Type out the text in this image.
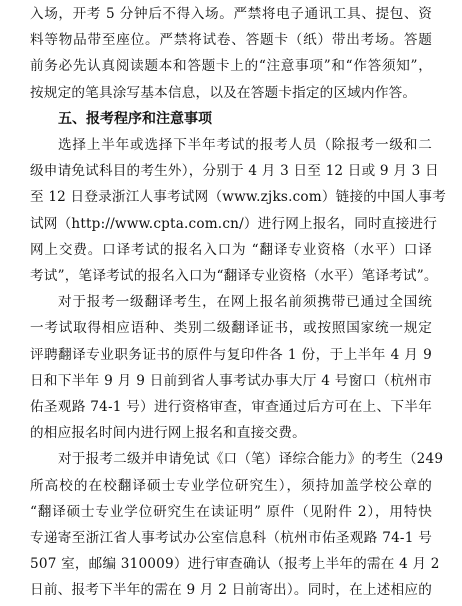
入场，开考 5 分钟后不得入场。严禁将电子通讯工具、提包、资
料等物品带至座位。严禁将试卷、答题卡（纸）带出考场。答题
前务必先认真阅读题本和答题卡上的“注意事项”和“作答须知”，
按规定的笔具涂写基本信息，以及在答题卡指定的区域内作答。
五、报考程序和注意事项
选择上半年或选择下半年考试的报考人员（除报考一级和二
级申请免试科目的考生外），分别于 4 月 3 日至 12 日或 9 月 3 日
至 12 日登录浙江人事考试网（www.zjks.com）链接的中国人事考
试网（http://www.cpta.com.cn/）进行网上报名，同时直接进行
网上交费。口译考试的报名入口为 “翻译专业资格（水平）口译
考试”，笔译考试的报名入口为“翻译专业资格（水平）笔译考试”。
对于报考一级翻译考生，在网上报名前须携带已通过全国统
一考试取得相应语种、类别二级翻译证书，或按照国家统一规定
评聘翻译专业职务证书的原件与复印件各 1 份，于上半年 4 月 9
日和下半年 9 月 9 日前到省人事考试办事大厅 4 号窗口（杭州市
佑圣观路 74-1 号）进行资格审查，审查通过后方可在上、下半年
的相应报名时间内进行网上报名和直接交费。
对于报考二级并申请免试《口（笔）译综合能力》的考生（249
所高校的在校翻译硕士专业学位研究生），须持加盖学校公章的
“翻译硕士专业学位研究生在读证明” 原件（见附件 2），用特快
专递寄至浙江省人事考试办公室信息科（杭州市佑圣观路 74-1 号
507 室，邮编 310009）进行审查确认（报考上半年的需在 4 月 2
日前、报考下半年的需在 9 月 2 日前寄出）。同时，在上述相应的
